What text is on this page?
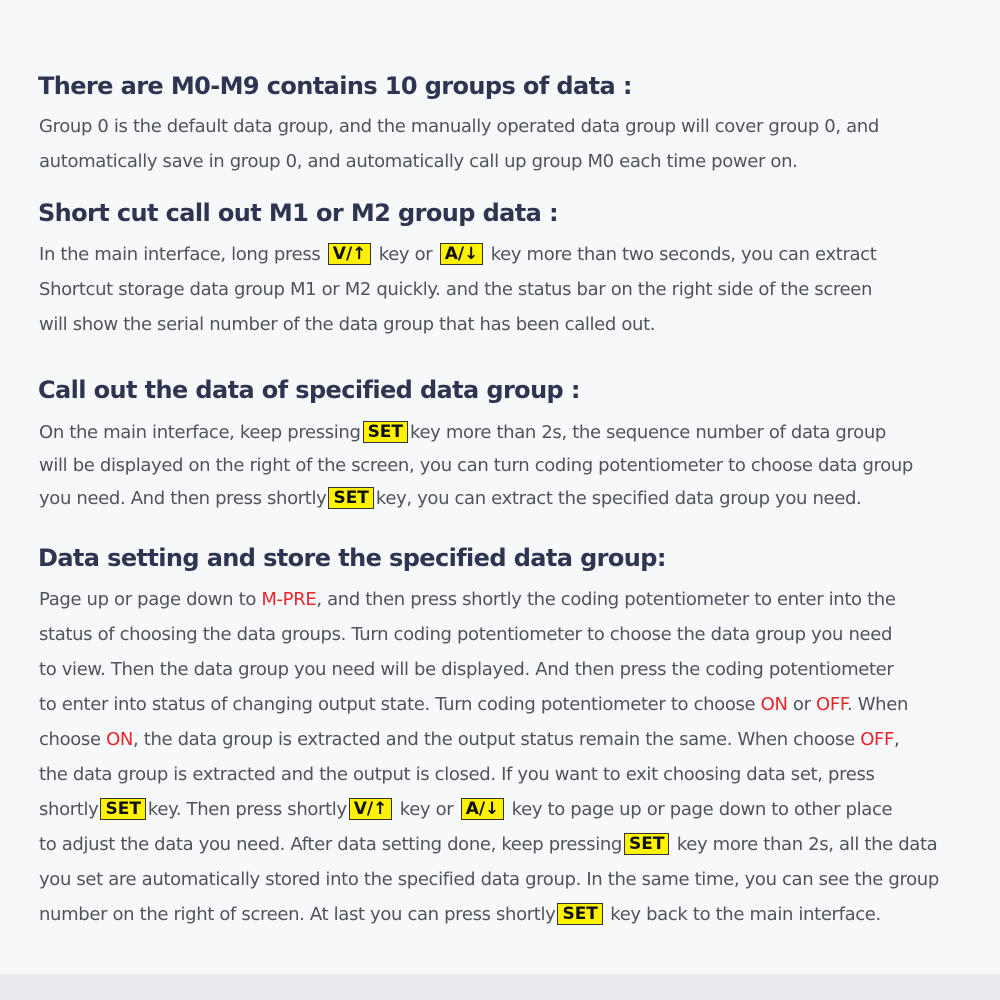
There are M0-M9 contains 10 groups of data :
Group 0 is the default data group, and the manually operated data group will cover group 0, and
automatically save in group 0, and automatically call up group M0 each time power on.
Short cut call out M1 or M2 group data :
In the main interface, long press V/↑ key or A/↓ key more than two seconds, you can extract
Shortcut storage data group M1 or M2 quickly. and the status bar on the right side of the screen
will show the serial number of the data group that has been called out.
Call out the data of specified data group :
On the main interface, keep pressing SET key more than 2s, the sequence number of data group
will be displayed on the right of the screen, you can turn coding potentiometer to choose data group
you need. And then press shortly SET key, you can extract the specified data group you need.
Data setting and store the specified data group:
Page up or page down to M-PRE, and then press shortly the coding potentiometer to enter into the
status of choosing the data groups. Turn coding potentiometer to choose the data group you need
to view. Then the data group you need will be displayed. And then press the coding potentiometer
to enter into status of changing output state. Turn coding potentiometer to choose ON or OFF. When
choose ON, the data group is extracted and the output status remain the same. When choose OFF,
the data group is extracted and the output is closed. If you want to exit choosing data set, press
shortly SET key. Then press shortly V/↑ key or A/↓ key to page up or page down to other place
to adjust the data you need. After data setting done, keep pressing SET key more than 2s, all the data
you set are automatically stored into the specified data group. In the same time, you can see the group
number on the right of screen. At last you can press shortly SET key back to the main interface.
